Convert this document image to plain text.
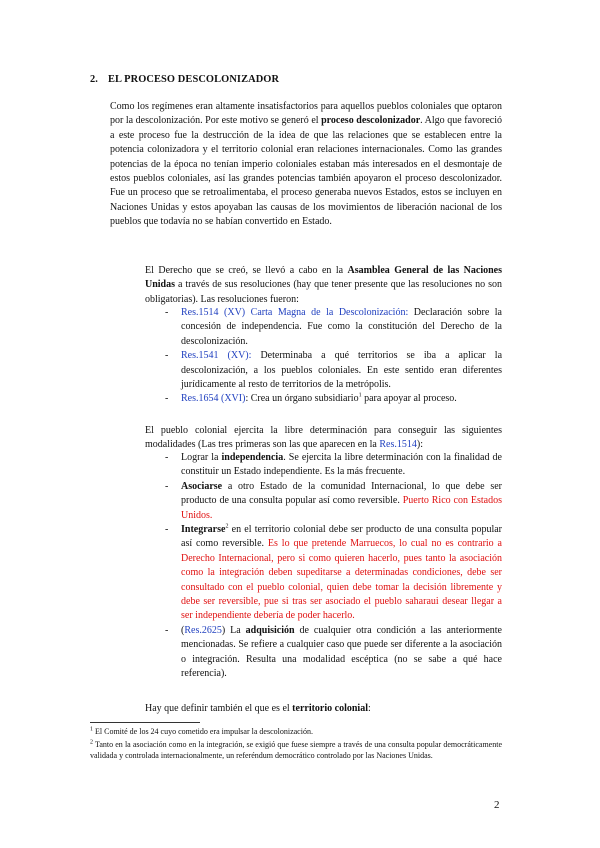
2. EL PROCESO DESCOLONIZADOR

Como los regímenes eran altamente insatisfactorios para aquellos pueblos coloniales que optaron por la descolonización. Por este motivo se generó el proceso descolonizador. Algo que favoreció a este proceso fue la destrucción de la idea de que las relaciones que se establecen entre la potencia colonizadora y el territorio colonial eran relaciones internacionales. Como las grandes potencias de la época no tenían imperio coloniales estaban más interesados en el desmontaje de estos pueblos coloniales, así las grandes potencias también apoyaron el proceso descolonizador. Fue un proceso que se retroalimentaba, el proceso generaba nuevos Estados, estos se incluyen en Naciones Unidas y estos apoyaban las causas de los movimientos de liberación nacional de los pueblos que todavía no se habían convertido en Estado.

El Derecho que se creó, se llevó a cabo en la Asamblea General de las Naciones Unidas a través de sus resoluciones (hay que tener presente que las resoluciones no son obligatorias). Las resoluciones fueron:

- Res.1514 (XV) Carta Magna de la Descolonización: Declaración sobre la concesión de independencia. Fue como la constitución del Derecho de la descolonización.
- Res.1541 (XV): Determinaba a qué territorios se iba a aplicar la descolonización, a los pueblos coloniales. En este sentido eran diferentes jurídicamente al resto de territorios de la metrópolis.
- Res.1654 (XVI): Crea un órgano subsidiario$^1$ para apoyar al proceso.

El pueblo colonial ejercita la libre determinación para conseguir las siguientes modalidades (Las tres primeras son las que aparecen en la Res.1514):

- Lograr la independencia. Se ejercita la libre determinación con la finalidad de constituir un Estado independiente. Es la más frecuente.
- Asociarse a otro Estado de la comunidad Internacional, lo que debe ser producto de una consulta popular así como reversible. Puerto Rico con Estados Unidos.
- Integrarse$^2$ en el territorio colonial debe ser producto de una consulta popular así como reversible. Es lo que pretende Marruecos, lo cual no es contrario a Derecho Internacional, pero si como quieren hacerlo, pues tanto la asociación como la integración deben supeditarse a determinadas condiciones, debe ser consultado con el pueblo colonial, quien debe tomar la decisión libremente y debe ser reversible, pue si tras ser asociado el pueblo saharaui desear llegar a ser independiente debería de poder hacerlo.
- (Res.2625) La adquisición de cualquier otra condición a las anteriormente mencionadas. Se refiere a cualquier caso que puede ser diferente a la asociación o integración. Resulta una modalidad escéptica (no se sabe a qué hace referencia).

Hay que definir también el que es el territorio colonial:

$^1$ El Comité de los 24 cuyo cometido era impulsar la descolonización.

$^2$ Tanto en la asociación como en la integración, se exigió que fuese siempre a través de una consulta popular democráticamente validada y controlada internacionalmente, un referéndum democrático controlado por las Naciones Unidas.

2
